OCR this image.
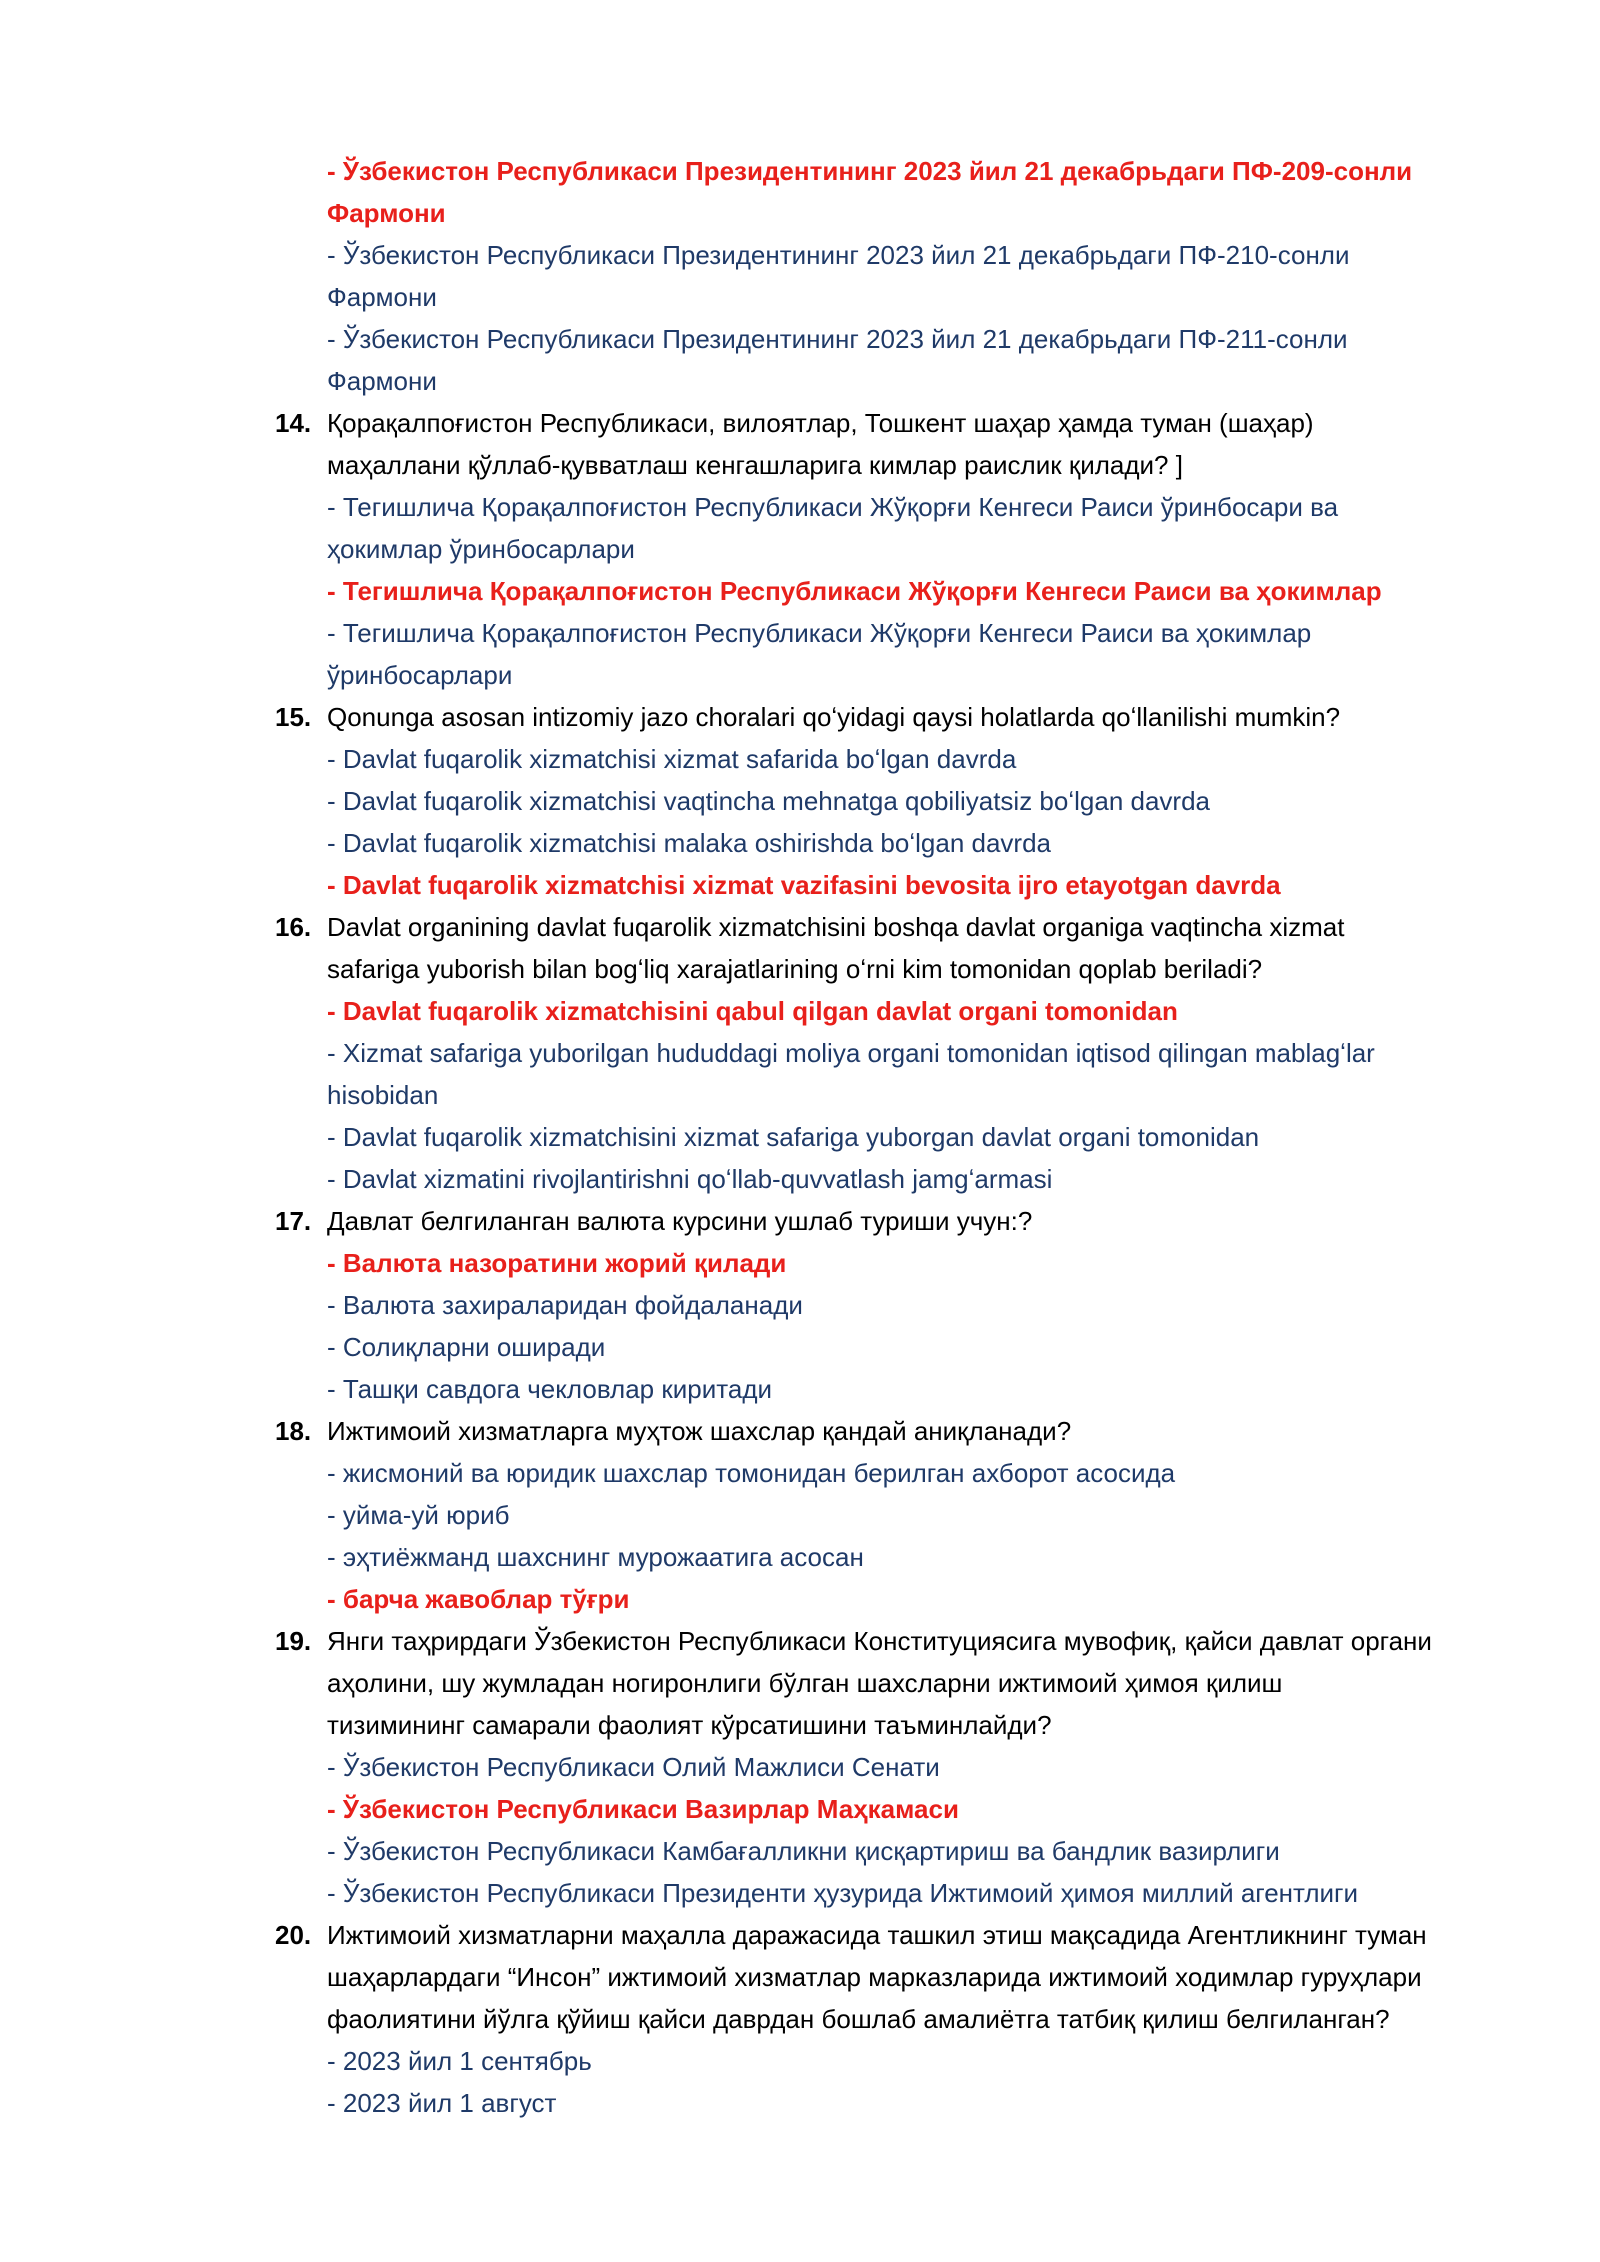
- Ўзбекистон Республикаси Президентининг 2023 йил 21 декабрьдаги ПФ-209-сонли
Фармони
- Ўзбекистон Республикаси Президентининг 2023 йил 21 декабрьдаги ПФ-210-сонли
Фармони
- Ўзбекистон Республикаси Президентининг 2023 йил 21 декабрьдаги ПФ-211-сонли
Фармони
14. Қорақалпоғистон Республикаси, вилоятлар, Тошкент шаҳар ҳамда туман (шаҳар)
маҳаллани қўллаб-қувватлаш кенгашларига кимлар раислик қилади? ]
- Тегишлича Қорақалпоғистон Республикаси Жўқорғи Кенгеси Раиси ўринбосари ва
ҳокимлар ўринбосарлари
- Тегишлича Қорақалпоғистон Республикаси Жўқорғи Кенгеси Раиси ва ҳокимлар
- Тегишлича Қорақалпоғистон Республикаси Жўқорғи Кенгеси Раиси ва ҳокимлар
ўринбосарлари
15. Qonunga asosan intizomiy jazo choralari qoʻyidagi qaysi holatlarda qoʻllanilishi mumkin?
- Davlat fuqarolik xizmatchisi xizmat safarida boʻlgan davrda
- Davlat fuqarolik xizmatchisi vaqtincha mehnatga qobiliyatsiz boʻlgan davrda
- Davlat fuqarolik xizmatchisi malaka oshirishda boʻlgan davrda
- Davlat fuqarolik xizmatchisi xizmat vazifasini bevosita ijro etayotgan davrda
16. Davlat organining davlat fuqarolik xizmatchisini boshqa davlat organiga vaqtincha xizmat
safariga yuborish bilan bogʻliq xarajatlarining oʻrni kim tomonidan qoplab beriladi?
- Davlat fuqarolik xizmatchisini qabul qilgan davlat organi tomonidan
- Xizmat safariga yuborilgan hududdagi moliya organi tomonidan iqtisod qilingan mablagʻlar
hisobidan
- Davlat fuqarolik xizmatchisini xizmat safariga yuborgan davlat organi tomonidan
- Davlat xizmatini rivojlantirishni qoʻllab-quvvatlash jamgʻarmasi
17. Давлат белгиланган валюта курсини ушлаб туриши учун:?
- Валюта назоратини жорий қилади
- Валюта захираларидан фойдаланади
- Солиқларни оширади
- Ташқи савдога чекловлар киритади
18. Ижтимоий хизматларга муҳтож шахслар қандай аниқланади?
- жисмоний ва юридик шахслар томонидан берилган ахборот асосида
- уйма-уй юриб
- эҳтиёжманд шахснинг мурожаатига асосан
- барча жавоблар тўғри
19. Янги таҳрирдаги Ўзбекистон Республикаси Конституциясига мувофиқ, қайси давлат органи
аҳолини, шу жумладан ногиронлиги бўлган шахсларни ижтимоий ҳимоя қилиш
тизимининг самарали фаолият кўрсатишини таъминлайди?
- Ўзбекистон Республикаси Олий Мажлиси Сенати
- Ўзбекистон Республикаси Вазирлар Маҳкамаси
- Ўзбекистон Республикаси Камбағалликни қисқартириш ва бандлик вазирлиги
- Ўзбекистон Республикаси Президенти ҳузурида Ижтимоий ҳимоя миллий агентлиги
20. Ижтимоий хизматларни маҳалла даражасида ташкил этиш мақсадида Агентликнинг туман
шаҳарлардаги “Инсон” ижтимоий хизматлар марказларида ижтимоий ходимлар гуруҳлари
фаолиятини йўлга қўйиш қайси даврдан бошлаб амалиётга татбиқ қилиш белгиланган?
- 2023 йил 1 сентябрь
- 2023 йил 1 август
